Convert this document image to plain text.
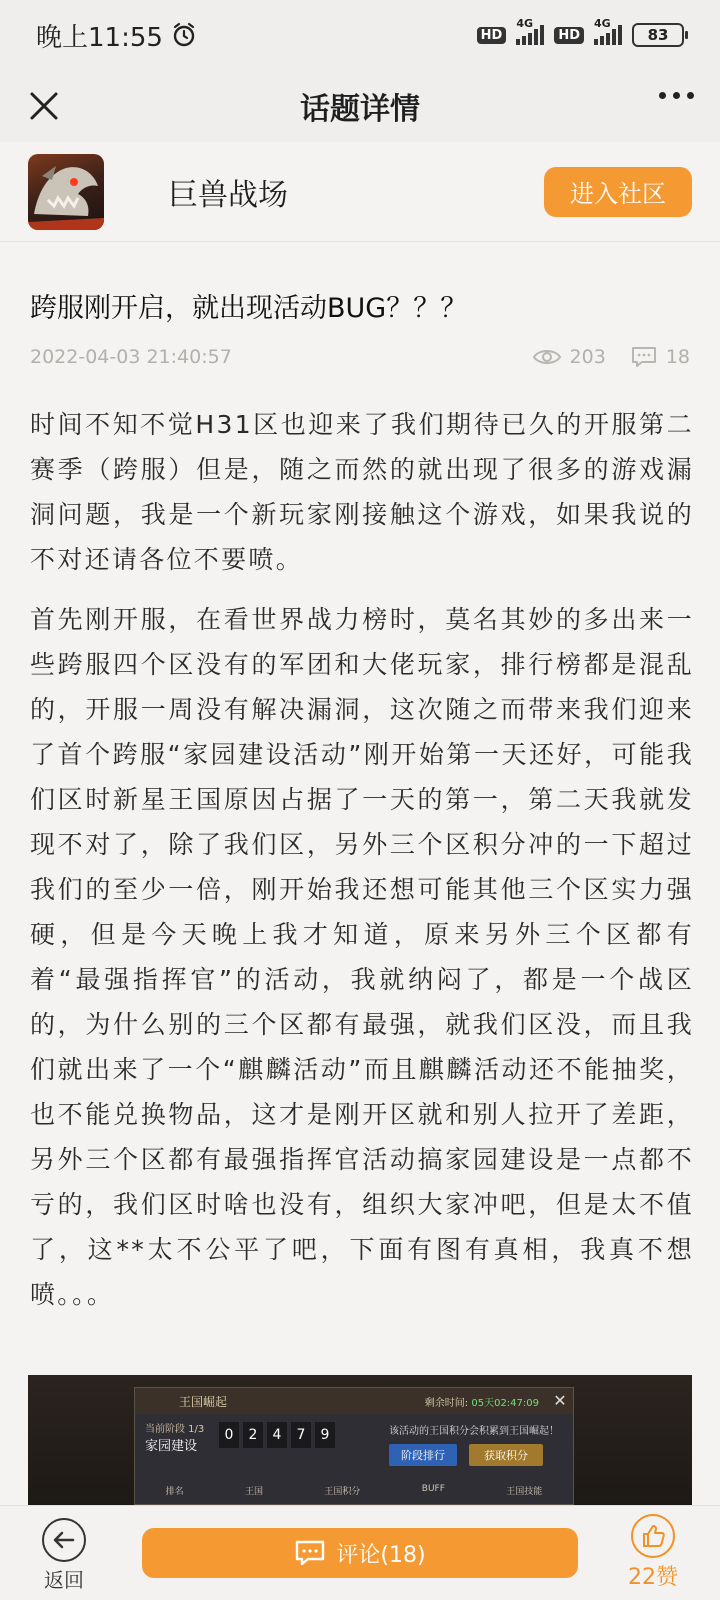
晚上11:55	HD
4G
HD
4G
83
话题详情
巨兽战场	进入社区
跨服刚开启，就出现活动BUG？？？
2022-04-03 21:40:57	203	18

时间不知不觉H31区也迎来了我们期待已久的开服第二赛季（跨服）但是，随之而然的就出现了很多的游戏漏洞问题，我是一个新玩家刚接触这个游戏，如果我说的不对还请各位不要喷。

首先刚开服，在看世界战力榜时，莫名其妙的多出来一些跨服四个区没有的军团和大佬玩家，排行榜都是混乱的，开服一周没有解决漏洞，这次随之而带来我们迎来了首个跨服“家园建设活动”刚开始第一天还好，可能我们区时新星王国原因占据了一天的第一，第二天我就发现不对了，除了我们区，另外三个区积分冲的一下超过我们的至少一倍，刚开始我还想可能其他三个区实力强硬，但是今天晚上我才知道，原来另外三个区都有着“最强指挥官”的活动，我就纳闷了，都是一个战区的，为什么别的三个区都有最强，就我们区没，而且我们就出来了一个“麒麟活动”而且麒麟活动还不能抽奖，也不能兑换物品，这才是刚开区就和别人拉开了差距，另外三个区都有最强指挥官活动搞家园建设是一点都不亏的，我们区时啥也没有，组织大家冲吧，但是太不值了，这**太不公平了吧，下面有图有真相，我真不想喷。。。

王国崛起	剩余时间: 05天02:47:09 ✕
当前阶段 1/3
家园建设
0	2	4	7	9	该活动的王国积分会积累到王国崛起！
阶段排行	获取积分
排名	王国	王国积分	BUFF	王国技能
返回
评论(18)
22赞
